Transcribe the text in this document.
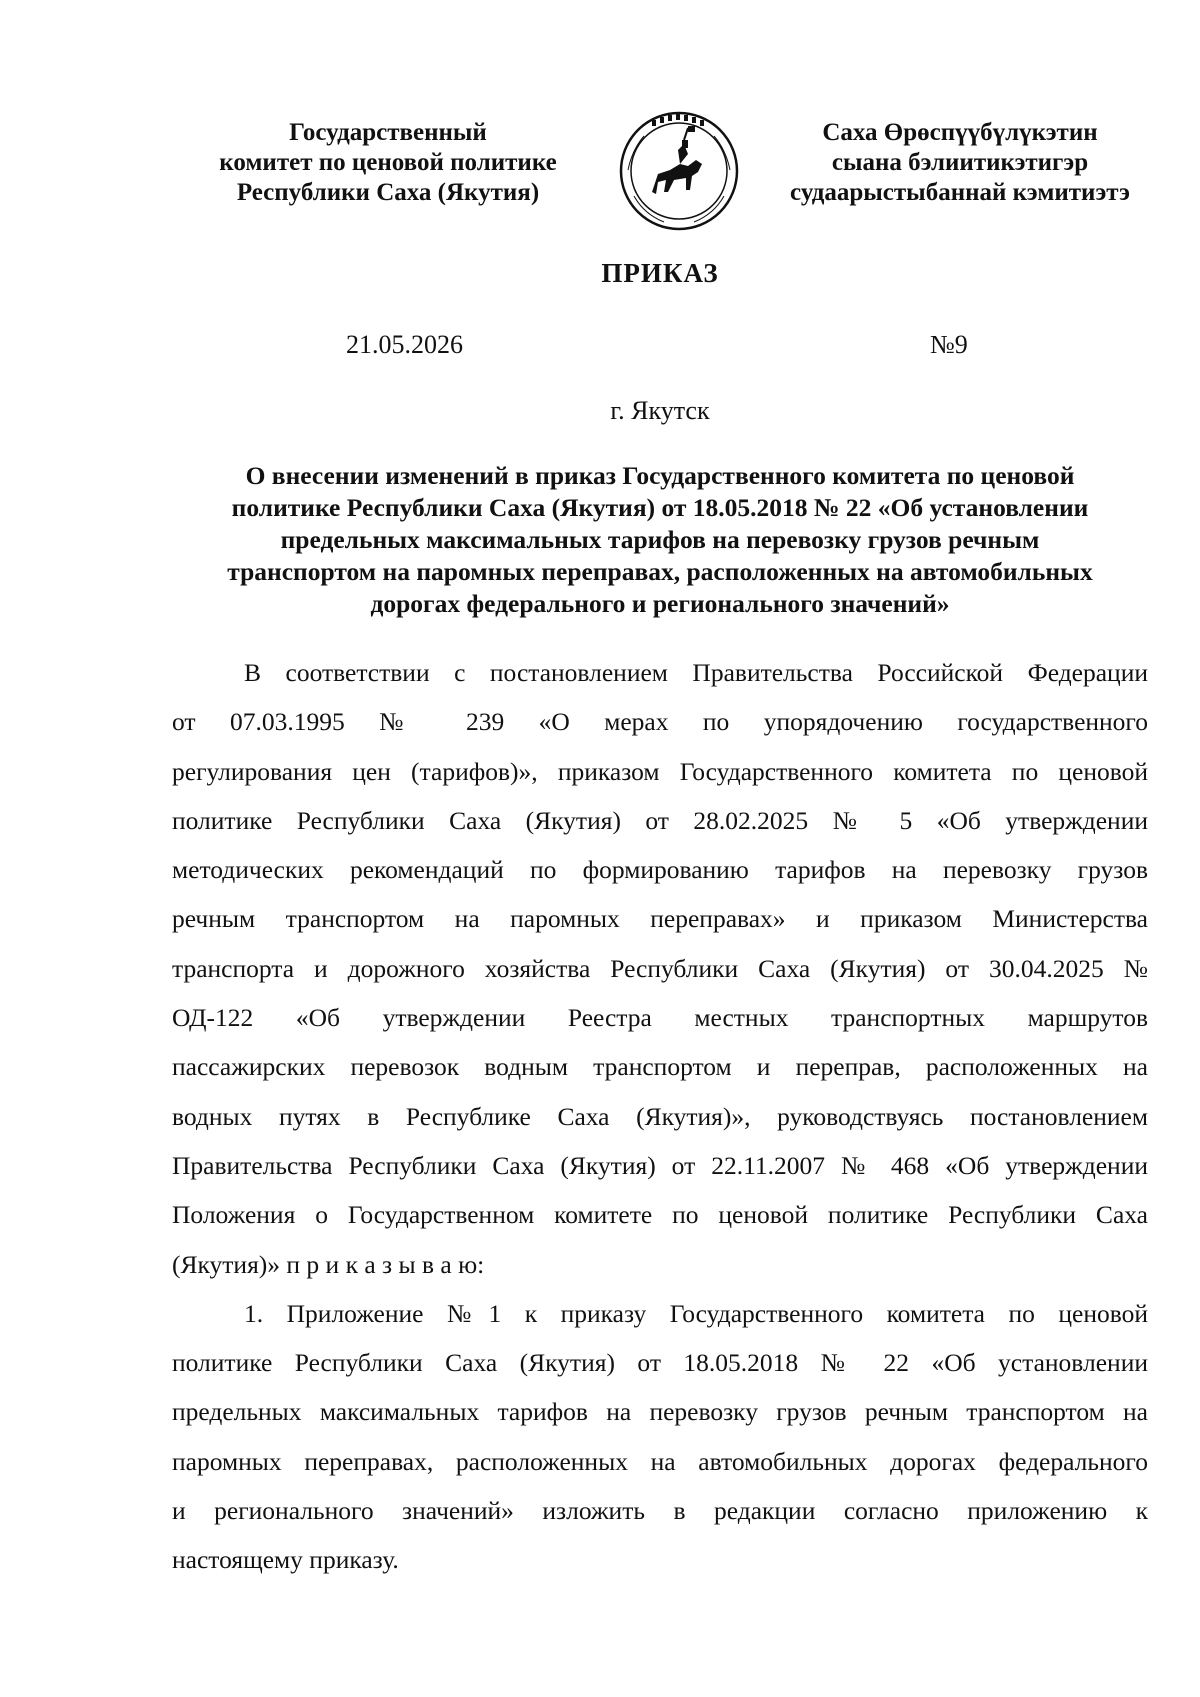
Государственный
комитет по ценовой политике
Республики Саха (Якутия)
Саха Өрөспүүбүлүкэтин
сыана бэлиитикэтигэр
судаарыстыбаннай кэмитиэтэ
ПРИКАЗ
21.05.2026	№9
г. Якутск
О внесении изменений в приказ Государственного комитета по ценовой
политике Республики Саха (Якутия) от 18.05.2018 № 22 «Об установлении
предельных максимальных тарифов на перевозку грузов речным
транспортом на паромных переправах, расположенных на автомобильных
дорогах федерального и регионального значений»
В соответствии с постановлением Правительства Российской Федерации
от 07.03.1995 № 239 «О мерах по упорядочению государственного
регулирования цен (тарифов)», приказом Государственного комитета по ценовой
политике Республики Саха (Якутия) от 28.02.2025 № 5 «Об утверждении
методических рекомендаций по формированию тарифов на перевозку грузов
речным транспортом на паромных переправах» и приказом Министерства
транспорта и дорожного хозяйства Республики Саха (Якутия) от 30.04.2025 №
ОД-122 «Об утверждении Реестра местных транспортных маршрутов
пассажирских перевозок водным транспортом и переправ, расположенных на
водных путях в Республике Саха (Якутия)», руководствуясь постановлением
Правительства Республики Саха (Якутия) от 22.11.2007 № 468 «Об утверждении
Положения о Государственном комитете по ценовой политике Республики Саха
(Якутия)» п р и к а з ы в а ю:
1. Приложение №1 к приказу Государственного комитета по ценовой
политике Республики Саха (Якутия) от 18.05.2018 № 22 «Об установлении
предельных максимальных тарифов на перевозку грузов речным транспортом на
паромных переправах, расположенных на автомобильных дорогах федерального
и регионального значений» изложить в редакции согласно приложению к
настоящему приказу.
